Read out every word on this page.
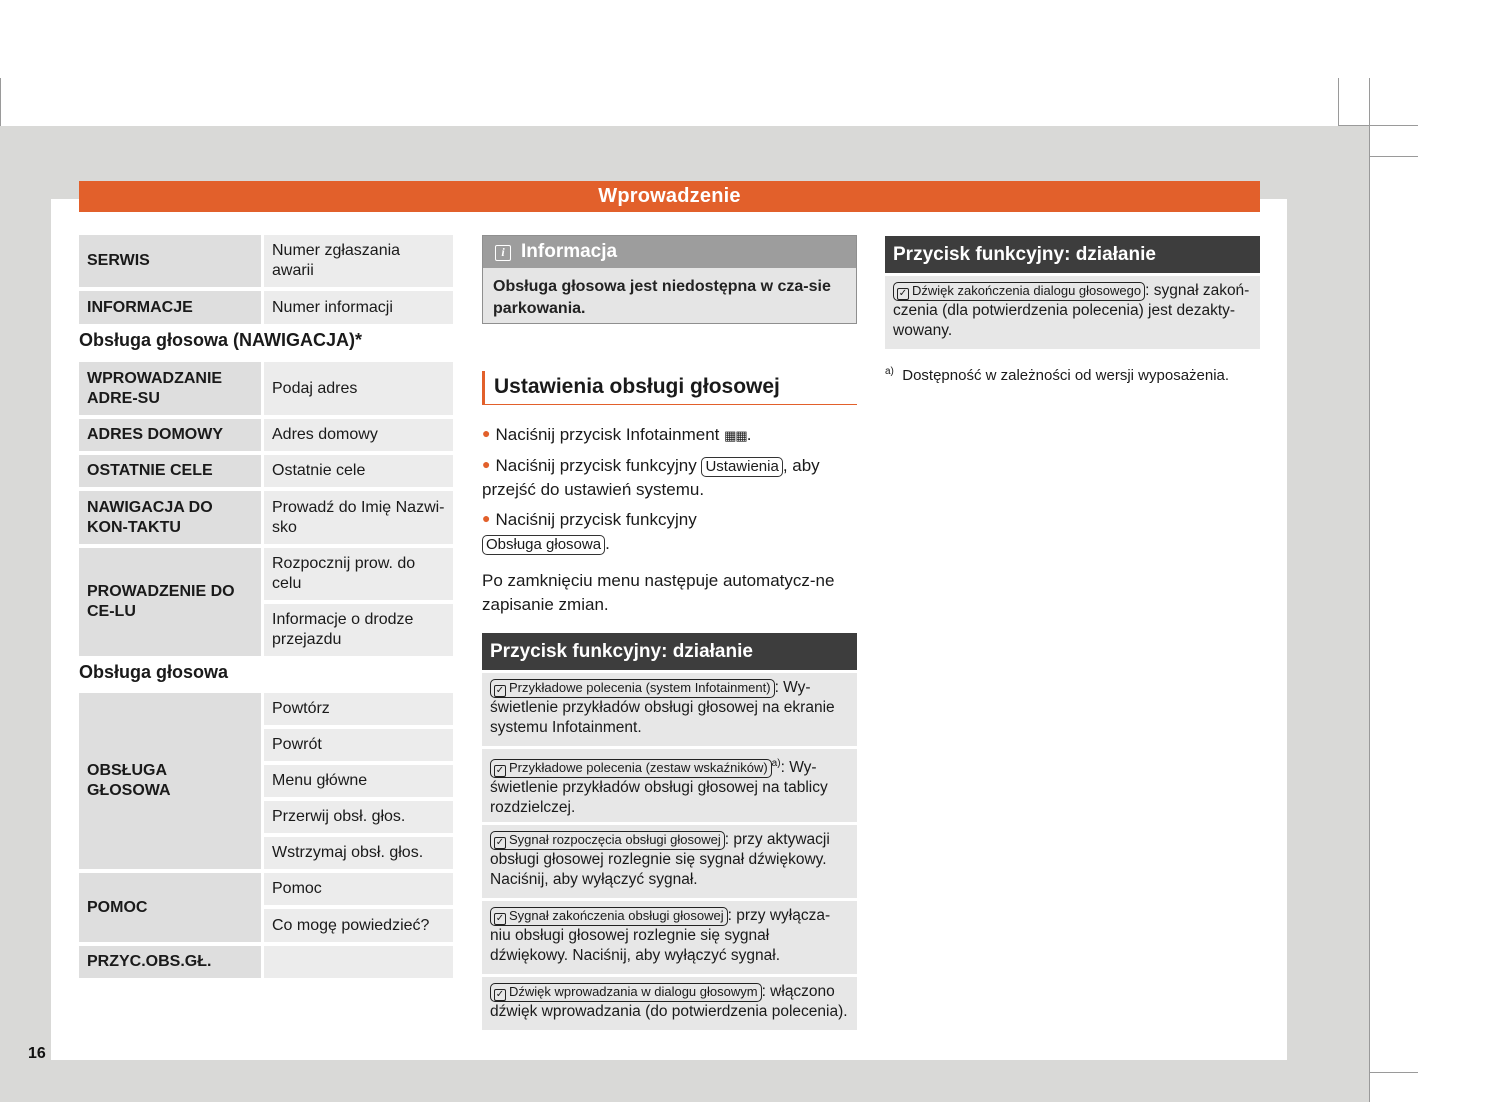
16
Wprowadzenie
SERWIS	Numer zgłaszania awarii
INFORMACJE	Numer informacji
Obsługa głosowa (NAWIGACJA)*
WPROWADZANIE ADRE-SU	Podaj adres
ADRES DOMOWY	Adres domowy
OSTATNIE CELE	Ostatnie cele
NAWIGACJA DO KON-TAKTU	Prowadź do Imię Nazwi-sko
PROWADZENIE DO CE-LU	Rozpocznij prow. do celu
	Informacje o drodze przejazdu
Obsługa głosowa
OBSŁUGA GŁOSOWA	Powtórz
	Powrót
	Menu główne
	Przerwij obsł. głos.
	Wstrzymaj obsł. głos.
POMOC	Pomoc
	Co mogę powiedzieć?
PRZYC.OBS.GŁ.	
i Informacja
Obsługa głosowa jest niedostępna w cza-sie parkowania.
Ustawienia obsługi głosowej
● Naciśnij przycisk Infotainment ▦▦.
● Naciśnij przycisk funkcyjny Ustawienia , aby przejść do ustawień systemu.
● Naciśnij przycisk funkcyjny
Obsługa głosowa .
Po zamknięciu menu następuje automatycz-ne zapisanie zmian.
Przycisk funkcyjny: działanie
✓ Przykładowe polecenia (system Infotainment) : Wy-świetlenie przykładów obsługi głosowej na ekranie systemu Infotainment.
✓ Przykładowe polecenia (zestaw wskaźników) $^{a)}$: Wy-świetlenie przykładów obsługi głosowej na tablicy rozdzielczej.
✓ Sygnał rozpoczęcia obsługi głosowej : przy aktywacji obsługi głosowej rozlegnie się sygnał dźwiękowy. Naciśnij, aby wyłączyć sygnał.
✓ Sygnał zakończenia obsługi głosowej : przy wyłącza-niu obsługi głosowej rozlegnie się sygnał dźwiękowy. Naciśnij, aby wyłączyć sygnał.
✓ Dźwięk wprowadzania w dialogu głosowym : włączono dźwięk wprowadzania (do potwierdzenia polecenia).
Przycisk funkcyjny: działanie
✓ Dźwięk zakończenia dialogu głosowego : sygnał zakoń-czenia (dla potwierdzenia polecenia) jest dezakty-wowany.
$^{a)}$ Dostępność w zależności od wersji wyposażenia.
